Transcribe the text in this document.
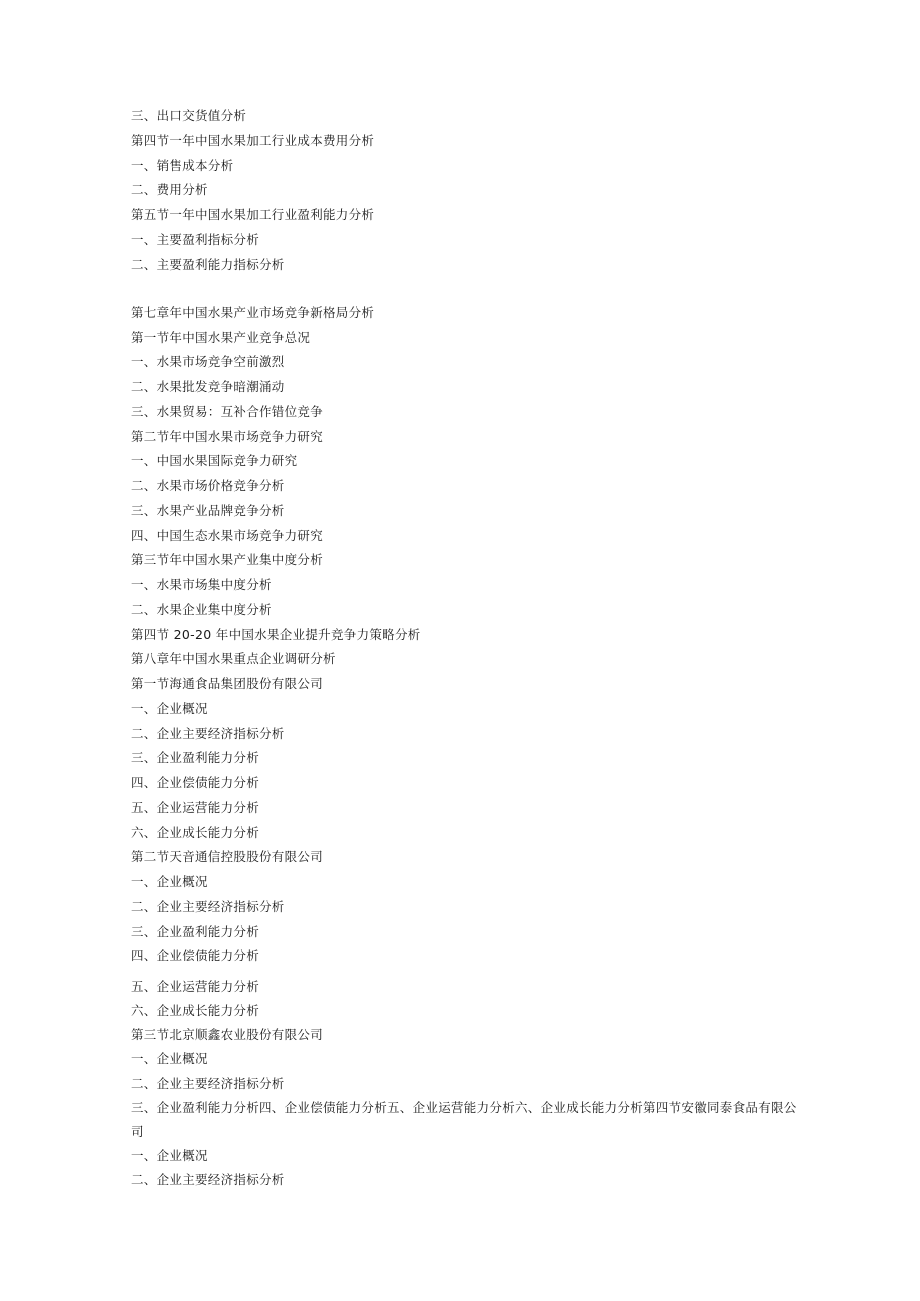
三、出口交货值分析
第四节一年中国水果加工行业成本费用分析
一、销售成本分析
二、费用分析
第五节一年中国水果加工行业盈利能力分析
一、主要盈利指标分析
二、主要盈利能力指标分析
第七章年中国水果产业市场竞争新格局分析
第一节年中国水果产业竞争总况
一、水果市场竞争空前激烈
二、水果批发竞争暗潮涌动
三、水果贸易：互补合作错位竞争
第二节年中国水果市场竞争力研究
一、中国水果国际竞争力研究
二、水果市场价格竞争分析
三、水果产业品牌竞争分析
四、中国生态水果市场竞争力研究
第三节年中国水果产业集中度分析
一、水果市场集中度分析
二、水果企业集中度分析
第四节 20-20 年中国水果企业提升竞争力策略分析
第八章年中国水果重点企业调研分析
第一节海通食品集团股份有限公司
一、企业概况
二、企业主要经济指标分析
三、企业盈利能力分析
四、企业偿债能力分析
五、企业运营能力分析
六、企业成长能力分析
第二节天音通信控股股份有限公司
一、企业概况
二、企业主要经济指标分析
三、企业盈利能力分析
四、企业偿债能力分析
五、企业运营能力分析
六、企业成长能力分析
第三节北京顺鑫农业股份有限公司
一、企业概况
二、企业主要经济指标分析
三、企业盈利能力分析四、企业偿债能力分析五、企业运营能力分析六、企业成长能力分析第四节安徽同泰食品有限公司
一、企业概况
二、企业主要经济指标分析
